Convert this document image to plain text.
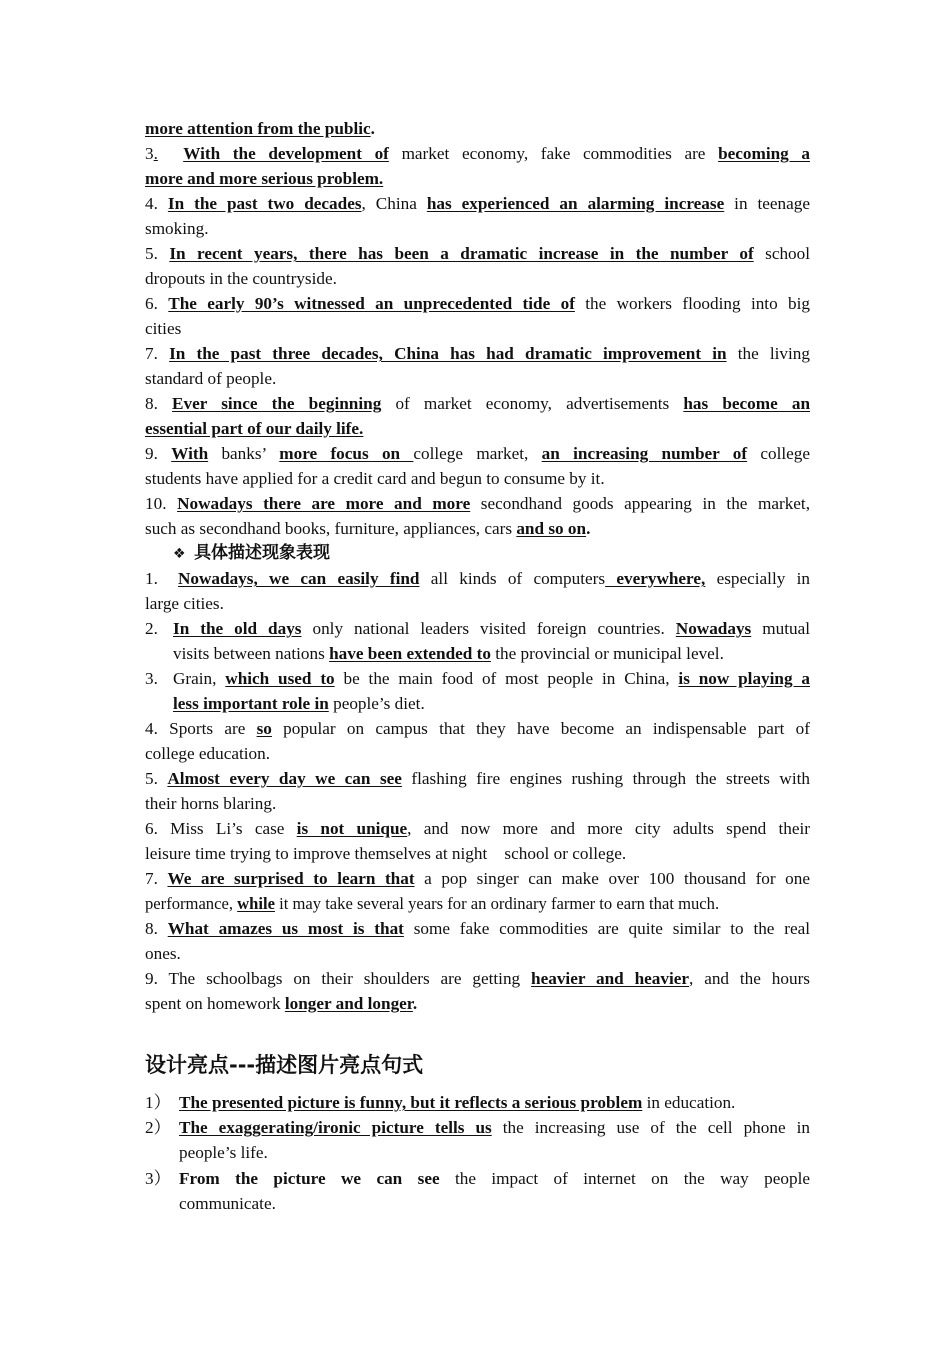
more attention from the public.
3. With the development of market economy, fake commodities are becoming a
more and more serious problem.
4. In the past two decades, China has experienced an alarming increase in teenage
smoking.
5. In recent years, there has been a dramatic increase in the number of school
dropouts in the countryside.
6. The early 90’s witnessed an unprecedented tide of the workers flooding into big
cities
7. In the past three decades, China has had dramatic improvement in the living
standard of people.
8. Ever since the beginning of market economy, advertisements has become an
essential part of our daily life.
9. With banks’ more focus on college market, an increasing number of college
students have applied for a credit card and begun to consume by it.
10. Nowadays there are more and more secondhand goods appearing in the market,
such as secondhand books, furniture, appliances, cars and so on.
❖ 具体描述现象表现
1. Nowadays, we can easily find all kinds of computers everywhere, especially in
large cities.
2. In the old days only national leaders visited foreign countries. Nowadays mutual
visits between nations have been extended to the provincial or municipal level.
3. Grain, which used to be the main food of most people in China, is now playing a
less important role in people’s diet.
4. Sports are so popular on campus that they have become an indispensable part of
college education.
5. Almost every day we can see flashing fire engines rushing through the streets with
their horns blaring.
6. Miss Li’s case is not unique, and now more and more city adults spend their
leisure time trying to improve themselves at night    school or college.
7. We are surprised to learn that a pop singer can make over 100 thousand for one
performance, while it may take several years for an ordinary farmer to earn that much.
8. What amazes us most is that some fake commodities are quite similar to the real
ones.
9. The schoolbags on their shoulders are getting heavier and heavier, and the hours
spent on homework longer and longer.
设计亮点---描述图片亮点句式
1） The presented picture is funny, but it reflects a serious problem in education.
2） The exaggerating/ironic picture tells us the increasing use of the cell phone in
people’s life.
3） From the picture we can see the impact of internet on the way people
communicate.
